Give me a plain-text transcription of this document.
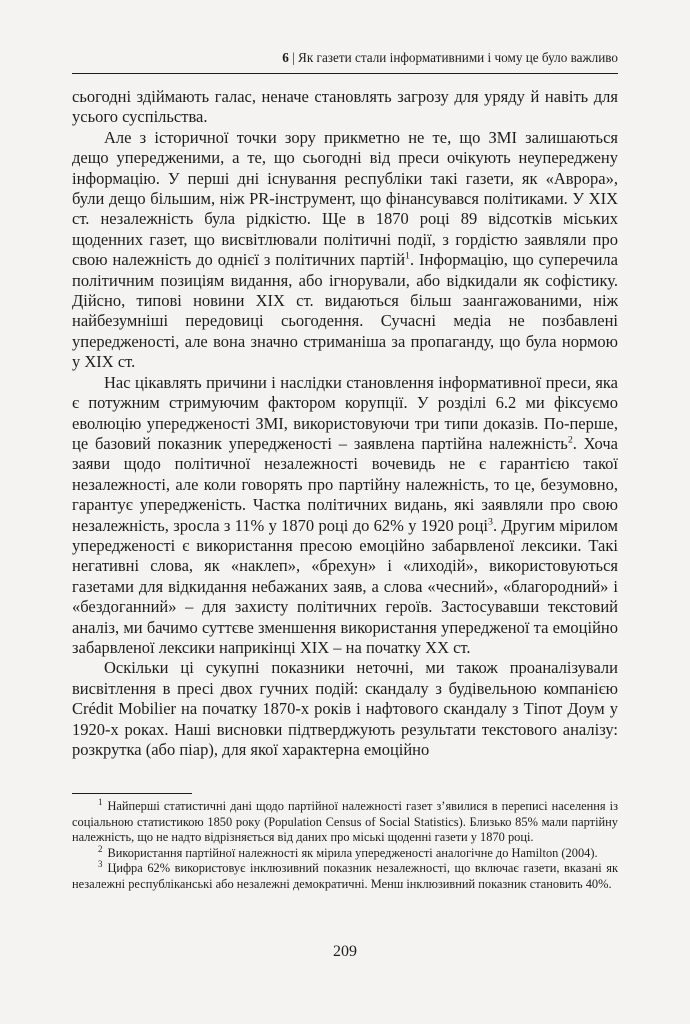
6 | Як газети стали інформативними і чому це було важливо

сьогодні здіймають галас, неначе становлять загрозу для уряду й навіть для усього суспільства.

Але з історичної точки зору прикметно не те, що ЗМІ залишаються дещо упередженими, а те, що сьогодні від преси очікують неупереджену інформацію. У перші дні існування республіки такі газети, як «Аврора», були дещо більшим, ніж PR-інструмент, що фінансувався політиками. У XIX ст. незалежність була рідкістю. Ще в 1870 році 89 відсотків міських щоденних газет, що висвітлювали політичні події, з гордістю заявляли про свою належність до однієї з політичних партій$^1$. Інформацію, що суперечила політичним позиціям видання, або ігнорували, або відкидали як софістику. Дійсно, типові новини XIX ст. видаються більш заангажованими, ніж найбезумніші передовиці сьогодення. Сучасні медіа не позбавлені упередженості, але вона значно стриманіша за пропаганду, що була нормою у XIX ст.

Нас цікавлять причини і наслідки становлення інформативної преси, яка є потужним стримуючим фактором корупції. У розділі 6.2 ми фіксуємо еволюцію упередженості ЗМІ, використовуючи три типи доказів. По-перше, це базовий показник упередженості – заявлена партійна належність$^2$. Хоча заяви щодо політичної незалежності вочевидь не є гарантією такої незалежності, але коли говорять про партійну належність, то це, безумовно, гарантує упередженість. Частка політичних видань, які заявляли про свою незалежність, зросла з 11% у 1870 році до 62% у 1920 році$^3$. Другим мірилом упередженості є використання пресою емоційно забарвленої лексики. Такі негативні слова, як «наклеп», «брехун» і «лиходій», використовуються газетами для відкидання небажаних заяв, а слова «чесний», «благородний» і «бездоганний» – для захисту політичних героїв. Застосувавши текстовий аналіз, ми бачимо суттєве зменшення використання упередженої та емоційно забарвленої лексики наприкінці XIX – на початку XX ст.

Оскільки ці сукупні показники неточні, ми також проаналізували висвітлення в пресі двох гучних подій: скандалу з будівельною компанією Crédit Mobilier на початку 1870-х років і нафтового скандалу з Тіпот Доум у 1920-х роках. Наші висновки підтверджують результати текстового аналізу: розкрутка (або піар), для якої характерна емоційно

$^1$ Найперші статистичні дані щодо партійної належності газет з’явилися в переписі населення із соціальною статистикою 1850 року (Population Census of Social Statistics). Близько 85% мали партійну належність, що не надто відрізняється від даних про міські щоденні газети у 1870 році.

$^2$ Використання партійної належності як мірила упередженості аналогічне до Hamilton (2004).

$^3$ Цифра 62% використовує інклюзивний показник незалежності, що включає газети, вказані як незалежні республіканські або незалежні демократичні. Менш інклюзивний показник становить 40%.

209
